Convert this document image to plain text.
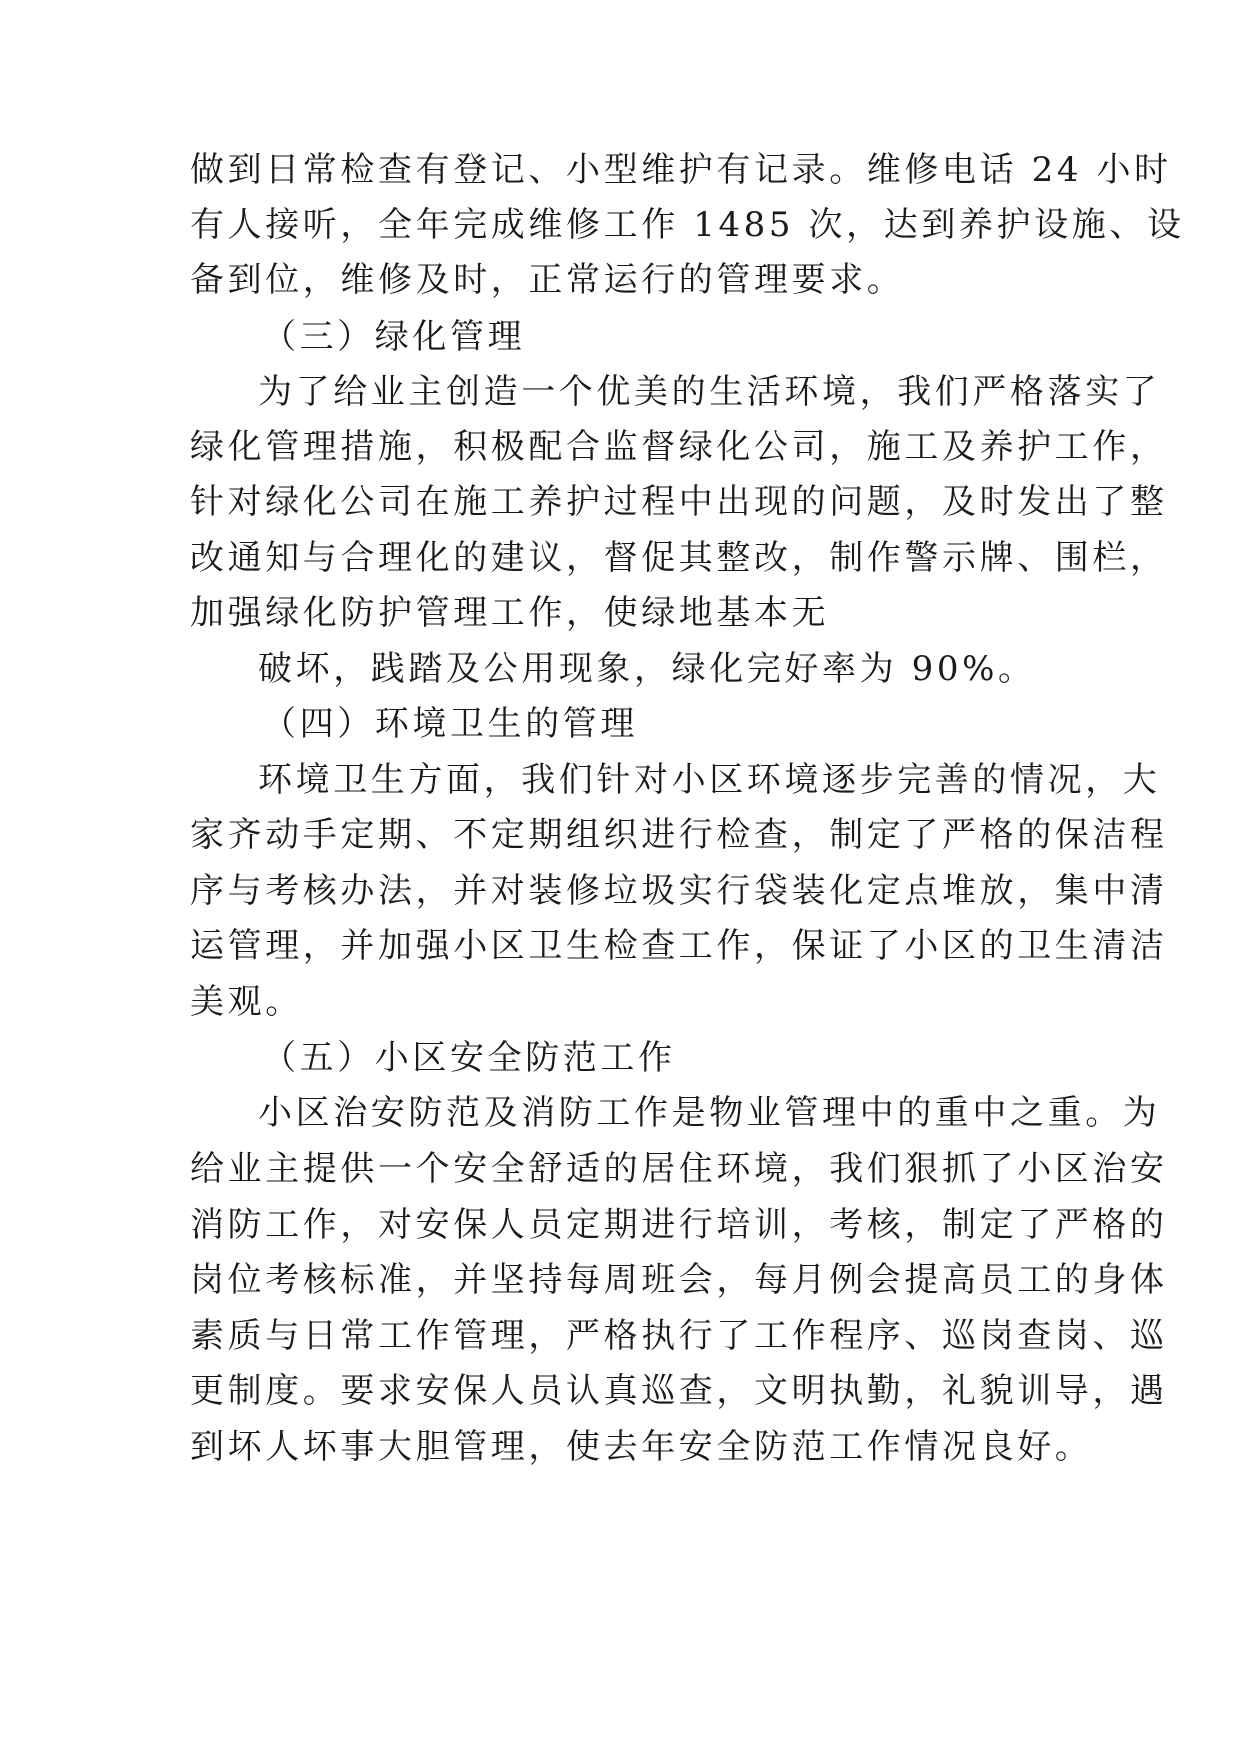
做到日常检查有登记、小型维护有记录。维修电话 24 小时
有人接听，全年完成维修工作 1485 次，达到养护设施、设
备到位，维修及时，正常运行的管理要求。
（三）绿化管理
为了给业主创造一个优美的生活环境，我们严格落实了
绿化管理措施，积极配合监督绿化公司，施工及养护工作，
针对绿化公司在施工养护过程中出现的问题，及时发出了整
改通知与合理化的建议，督促其整改，制作警示牌、围栏，
加强绿化防护管理工作，使绿地基本无
破坏，践踏及公用现象，绿化完好率为 90%。
（四）环境卫生的管理
环境卫生方面，我们针对小区环境逐步完善的情况，大
家齐动手定期、不定期组织进行检查，制定了严格的保洁程
序与考核办法，并对装修垃圾实行袋装化定点堆放，集中清
运管理，并加强小区卫生检查工作，保证了小区的卫生清洁
美观。
（五）小区安全防范工作
小区治安防范及消防工作是物业管理中的重中之重。为
给业主提供一个安全舒适的居住环境，我们狠抓了小区治安
消防工作，对安保人员定期进行培训，考核，制定了严格的
岗位考核标准，并坚持每周班会，每月例会提高员工的身体
素质与日常工作管理，严格执行了工作程序、巡岗查岗、巡
更制度。要求安保人员认真巡查，文明执勤，礼貌训导，遇
到坏人坏事大胆管理，使去年安全防范工作情况良好。
